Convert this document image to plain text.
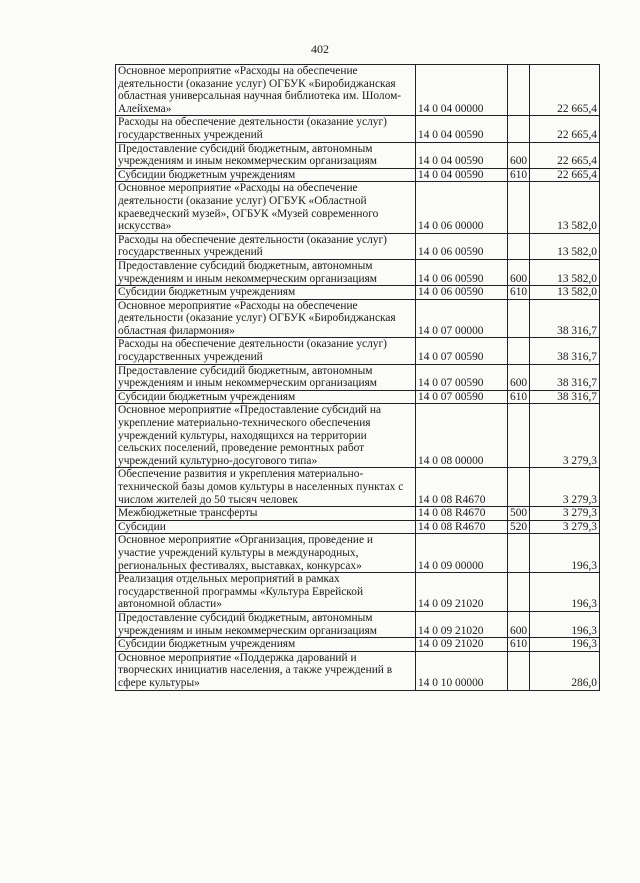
402
Основное мероприятие «Расходы на обеспечение деятельности (оказание услуг) ОГБУК «Биробиджанская областная универсальная научная библиотека им. Шолом-Алейхема»	14 0 04 00000		22 665,4
Расходы на обеспечение деятельности (оказание услуг) государственных учреждений	14 0 04 00590		22 665,4
Предоставление субсидий бюджетным, автономным учреждениям и иным некоммерческим организациям	14 0 04 00590	600	22 665,4
Субсидии бюджетным учреждениям	14 0 04 00590	610	22 665,4
Основное мероприятие «Расходы на обеспечение деятельности (оказание услуг) ОГБУК «Областной краеведческий музей», ОГБУК «Музей современного искусства»	14 0 06 00000		13 582,0
Расходы на обеспечение деятельности (оказание услуг) государственных учреждений	14 0 06 00590		13 582,0
Предоставление субсидий бюджетным, автономным учреждениям и иным некоммерческим организациям	14 0 06 00590	600	13 582,0
Субсидии бюджетным учреждениям	14 0 06 00590	610	13 582,0
Основное мероприятие «Расходы на обеспечение деятельности (оказание услуг) ОГБУК «Биробиджанская областная филармония»	14 0 07 00000		38 316,7
Расходы на обеспечение деятельности (оказание услуг) государственных учреждений	14 0 07 00590		38 316,7
Предоставление субсидий бюджетным, автономным учреждениям и иным некоммерческим организациям	14 0 07 00590	600	38 316,7
Субсидии бюджетным учреждениям	14 0 07 00590	610	38 316,7
Основное мероприятие «Предоставление субсидий на укрепление материально-технического обеспечения учреждений культуры, находящихся на территории сельских поселений, проведение ремонтных работ учреждений культурно-досугового типа»	14 0 08 00000		3 279,3
Обеспечение развития и укрепления материально-технической базы домов культуры в населенных пунктах с числом жителей до 50 тысяч человек	14 0 08 R4670		3 279,3
Межбюджетные трансферты	14 0 08 R4670	500	3 279,3
Субсидии	14 0 08 R4670	520	3 279,3
Основное мероприятие «Организация, проведение и участие учреждений культуры в международных, региональных фестивалях, выставках, конкурсах»	14 0 09 00000		196,3
Реализация отдельных мероприятий в рамках государственной программы «Культура Еврейской автономной области»	14 0 09 21020		196,3
Предоставление субсидий бюджетным, автономным учреждениям и иным некоммерческим организациям	14 0 09 21020	600	196,3
Субсидии бюджетным учреждениям	14 0 09 21020	610	196,3
Основное мероприятие «Поддержка дарований и творческих инициатив населения, а также учреждений в сфере культуры»	14 0 10 00000		286,0
